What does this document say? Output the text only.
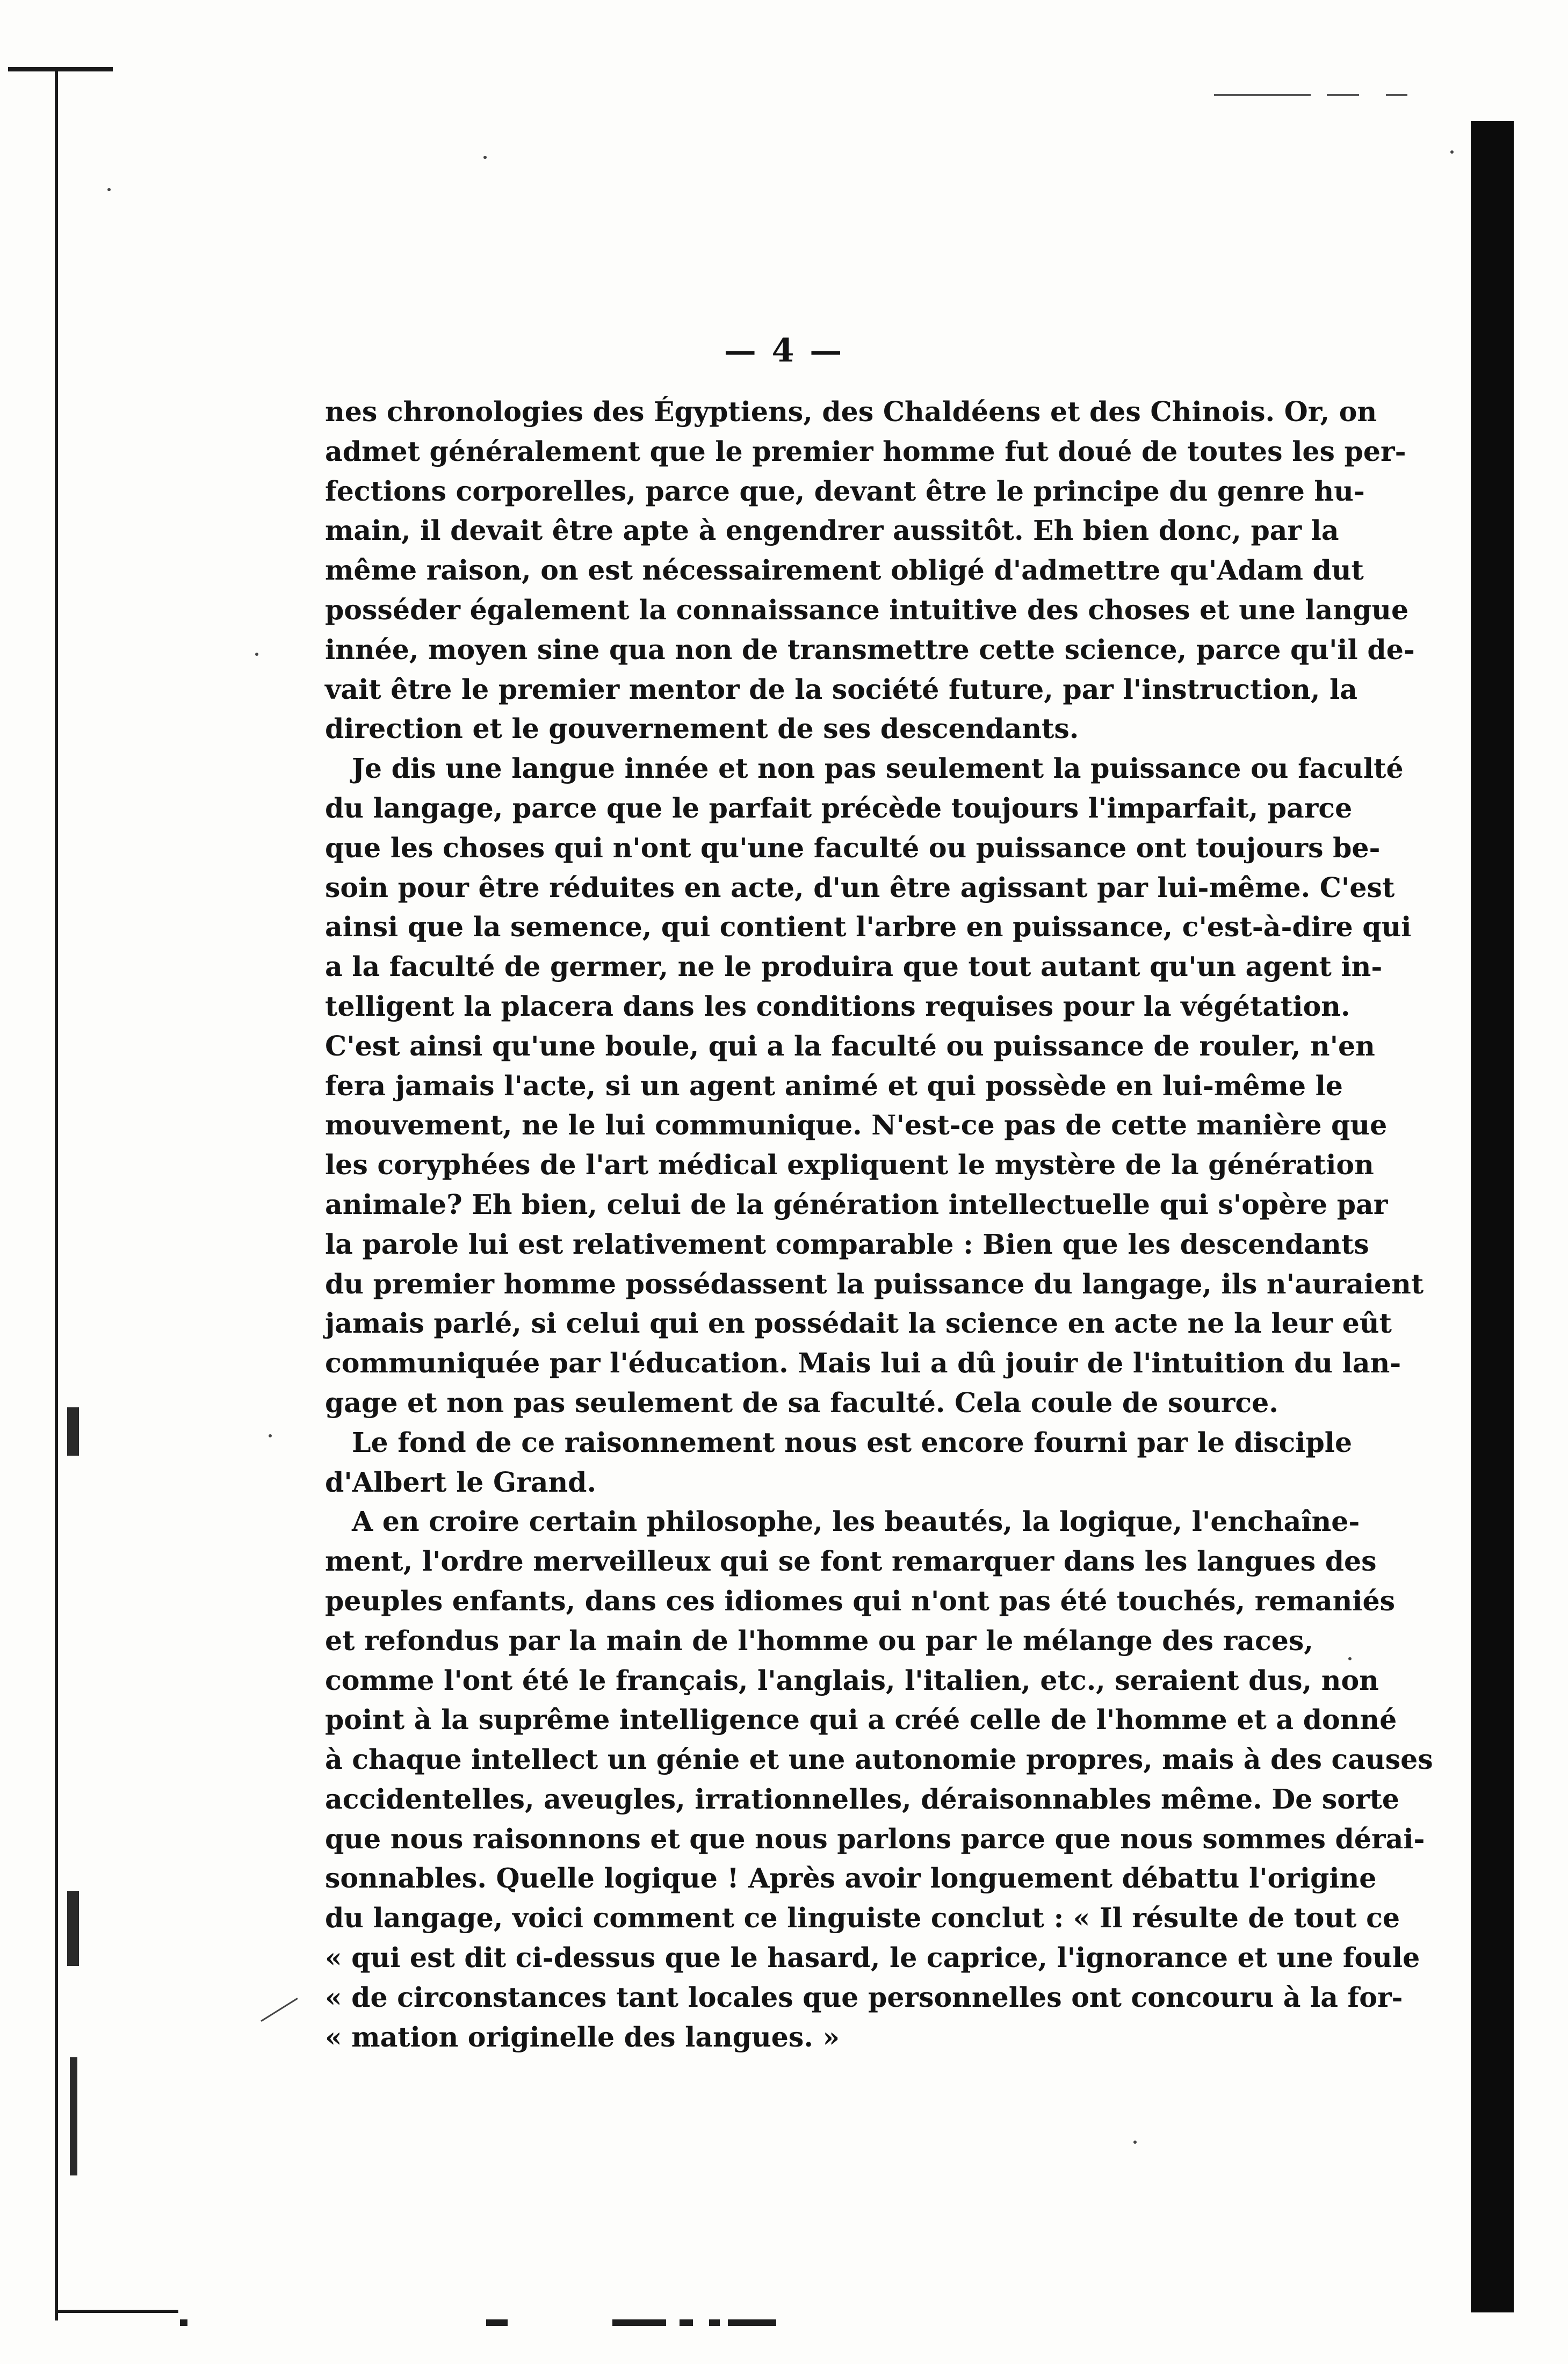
— 4 —
nes chronologies des Égyptiens, des Chaldéens et des Chinois. Or, on
admet généralement que le premier homme fut doué de toutes les per-
fections corporelles, parce que, devant être le principe du genre hu-
main, il devait être apte à engendrer aussitôt. Eh bien donc, par la
même raison, on est nécessairement obligé d'admettre qu'Adam dut
posséder également la connaissance intuitive des choses et une langue
innée, moyen sine qua non de transmettre cette science, parce qu'il de-
vait être le premier mentor de la société future, par l'instruction, la
direction et le gouvernement de ses descendants.
Je dis une langue innée et non pas seulement la puissance ou faculté
du langage, parce que le parfait précède toujours l'imparfait, parce
que les choses qui n'ont qu'une faculté ou puissance ont toujours be-
soin pour être réduites en acte, d'un être agissant par lui-même. C'est
ainsi que la semence, qui contient l'arbre en puissance, c'est-à-dire qui
a la faculté de germer, ne le produira que tout autant qu'un agent in-
telligent la placera dans les conditions requises pour la végétation.
C'est ainsi qu'une boule, qui a la faculté ou puissance de rouler, n'en
fera jamais l'acte, si un agent animé et qui possède en lui-même le
mouvement, ne le lui communique. N'est-ce pas de cette manière que
les coryphées de l'art médical expliquent le mystère de la génération
animale? Eh bien, celui de la génération intellectuelle qui s'opère par
la parole lui est relativement comparable : Bien que les descendants
du premier homme possédassent la puissance du langage, ils n'auraient
jamais parlé, si celui qui en possédait la science en acte ne la leur eût
communiquée par l'éducation. Mais lui a dû jouir de l'intuition du lan-
gage et non pas seulement de sa faculté. Cela coule de source.
Le fond de ce raisonnement nous est encore fourni par le disciple
d'Albert le Grand.
A en croire certain philosophe, les beautés, la logique, l'enchaîne-
ment, l'ordre merveilleux qui se font remarquer dans les langues des
peuples enfants, dans ces idiomes qui n'ont pas été touchés, remaniés
et refondus par la main de l'homme ou par le mélange des races,
comme l'ont été le français, l'anglais, l'italien, etc., seraient dus, non
point à la suprême intelligence qui a créé celle de l'homme et a donné
à chaque intellect un génie et une autonomie propres, mais à des causes
accidentelles, aveugles, irrationnelles, déraisonnables même. De sorte
que nous raisonnons et que nous parlons parce que nous sommes dérai-
sonnables. Quelle logique ! Après avoir longuement débattu l'origine
du langage, voici comment ce linguiste conclut : « Il résulte de tout ce
« qui est dit ci-dessus que le hasard, le caprice, l'ignorance et une foule
« de circonstances tant locales que personnelles ont concouru à la for-
« mation originelle des langues. »
